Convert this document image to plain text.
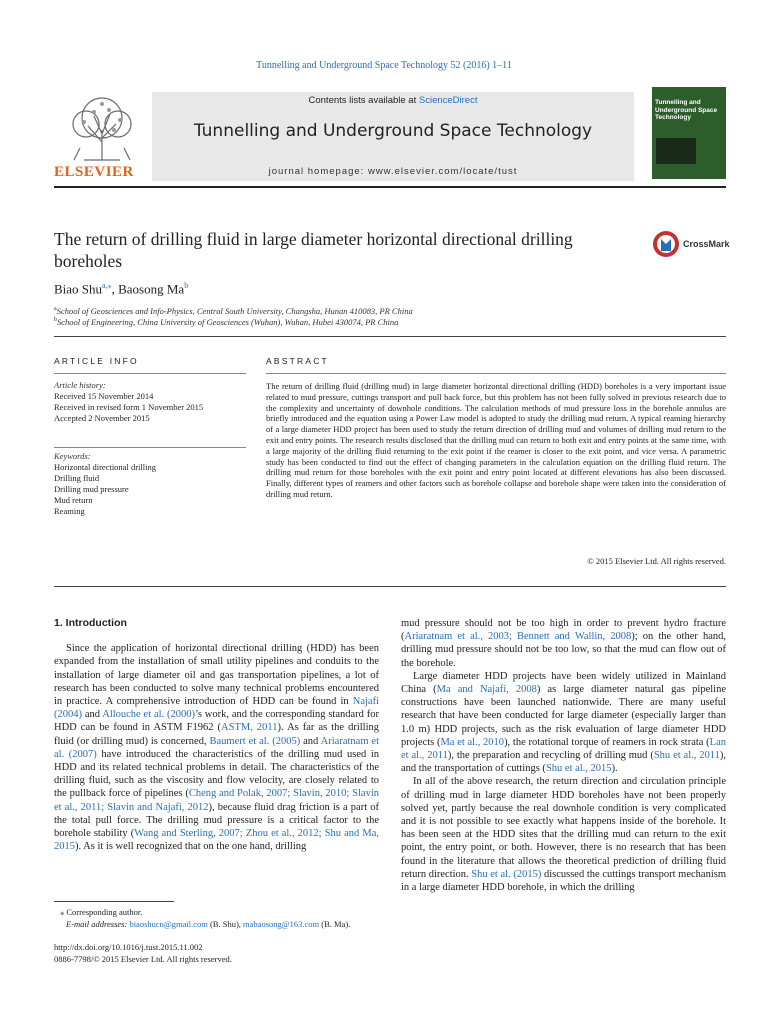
Tunnelling and Underground Space Technology 52 (2016) 1–11
ELSEVIER
Contents lists available at ScienceDirect
Tunnelling and Underground Space Technology
journal homepage: www.elsevier.com/locate/tust
Tunnelling and Underground Space Technology
The return of drilling fluid in large diameter horizontal directional drilling boreholes
CrossMark
Biao Shu$^{a,⁎}$, Baosong Ma$^b$
$^a$School of Geosciences and Info-Physics, Central South University, Changsha, Hunan 410083, PR China
$^b$School of Engineering, China University of Geosciences (Wuhan), Wuhan, Hubei 430074, PR China
ARTICLE INFO
Article history:
Received 15 November 2014
Received in revised form 1 November 2015
Accepted 2 November 2015
Keywords:
Horizontal directional drilling
Drilling fluid
Drilling mud pressure
Mud return
Reaming
ABSTRACT
The return of drilling fluid (drilling mud) in large diameter horizontal directional drilling (HDD) boreholes is a very important issue related to mud pressure, cuttings transport and pull back force, but this problem has not been fully solved in previous research due to the complexity and uncertainty of downhole conditions. The calculation methods of mud pressure loss in the borehole annulus are briefly introduced and the equation using a Power Law model is adopted to study the drilling mud return. A typical reaming hierarchy of a large diameter HDD project has been used to study the return direction of drilling mud and volumes of drilling mud return to the exit and entry points. The research results disclosed that the drilling mud can return to both exit and entry points at the same time, with a large majority of the drilling fluid returning to the exit point if the reamer is closer to the exit point, and vice versa. A parametric study has been conducted to find out the effect of changing parameters in the calculation equation on the drilling fluid return. The drilling mud return for those boreholes with the exit point and entry point located at different elevations has also been discussed. Finally, different types of reamers and other factors such as borehole collapse and borehole shape were taken into the consideration of drilling mud return.
© 2015 Elsevier Ltd. All rights reserved.
1. Introduction

Since the application of horizontal directional drilling (HDD) has been expanded from the installation of small utility pipelines and conduits to the installation of large diameter oil and gas transportation pipelines, a lot of research has been conducted to solve many technical problems encountered in practice. A comprehensive introduction of HDD can be found in Najafi (2004) and Allouche et al. (2000)’s work, and the corresponding standard for HDD can be found in ASTM F1962 (ASTM, 2011). As far as the drilling fluid (or drilling mud) is concerned, Baumert et al. (2005) and Ariaratnam et al. (2007) have introduced the characteristics of the drilling mud used in HDD and its related technical problems in detail. The characteristics of the drilling fluid, such as the viscosity and flow velocity, are closely related to the pullback force of pipelines (Cheng and Polak, 2007; Slavin, 2010; Slavin et al., 2011; Slavin and Najafi, 2012), because fluid drag friction is a part of the total pull force. The drilling mud pressure is a critical factor to the borehole stability (Wang and Sterling, 2007; Zhou et al., 2012; Shu and Ma, 2015). As it is well recognized that on the one hand, drilling

mud pressure should not be too high in order to prevent hydro fracture (Ariaratnam et al., 2003; Bennett and Wallin, 2008); on the other hand, drilling mud pressure should not be too low, so that the mud can flow out of the borehole.

Large diameter HDD projects have been widely utilized in Mainland China (Ma and Najafi, 2008) as large diameter natural gas pipeline constructions have been launched nationwide. There are many useful research that have been conducted for large diameter (especially larger than 1.0 m) HDD projects, such as the risk evaluation of large diameter HDD projects (Ma et al., 2010), the rotational torque of reamers in rock strata (Lan et al., 2011), the preparation and recycling of drilling mud (Shu et al., 2011), and the transportation of cuttings (Shu et al., 2015).

In all of the above research, the return direction and circulation principle of drilling mud in large diameter HDD boreholes have not been properly solved yet, partly because the real downhole condition is very complicated and it is not possible to see exactly what happens inside of the borehole. It has been seen at the HDD sites that the drilling mud can return to the exit point, the entry point, or both. However, there is no research that has been found in the literature that allows the theoretical prediction of drilling fluid return direction. Shu et al. (2015) discussed the cuttings transport mechanism in a large diameter HDD borehole, in which the drilling

⁎ Corresponding author.
E-mail addresses: biaoshucn@gmail.com (B. Shu), mabaosong@163.com (B. Ma).
http://dx.doi.org/10.1016/j.tust.2015.11.002
0886-7798/© 2015 Elsevier Ltd. All rights reserved.
